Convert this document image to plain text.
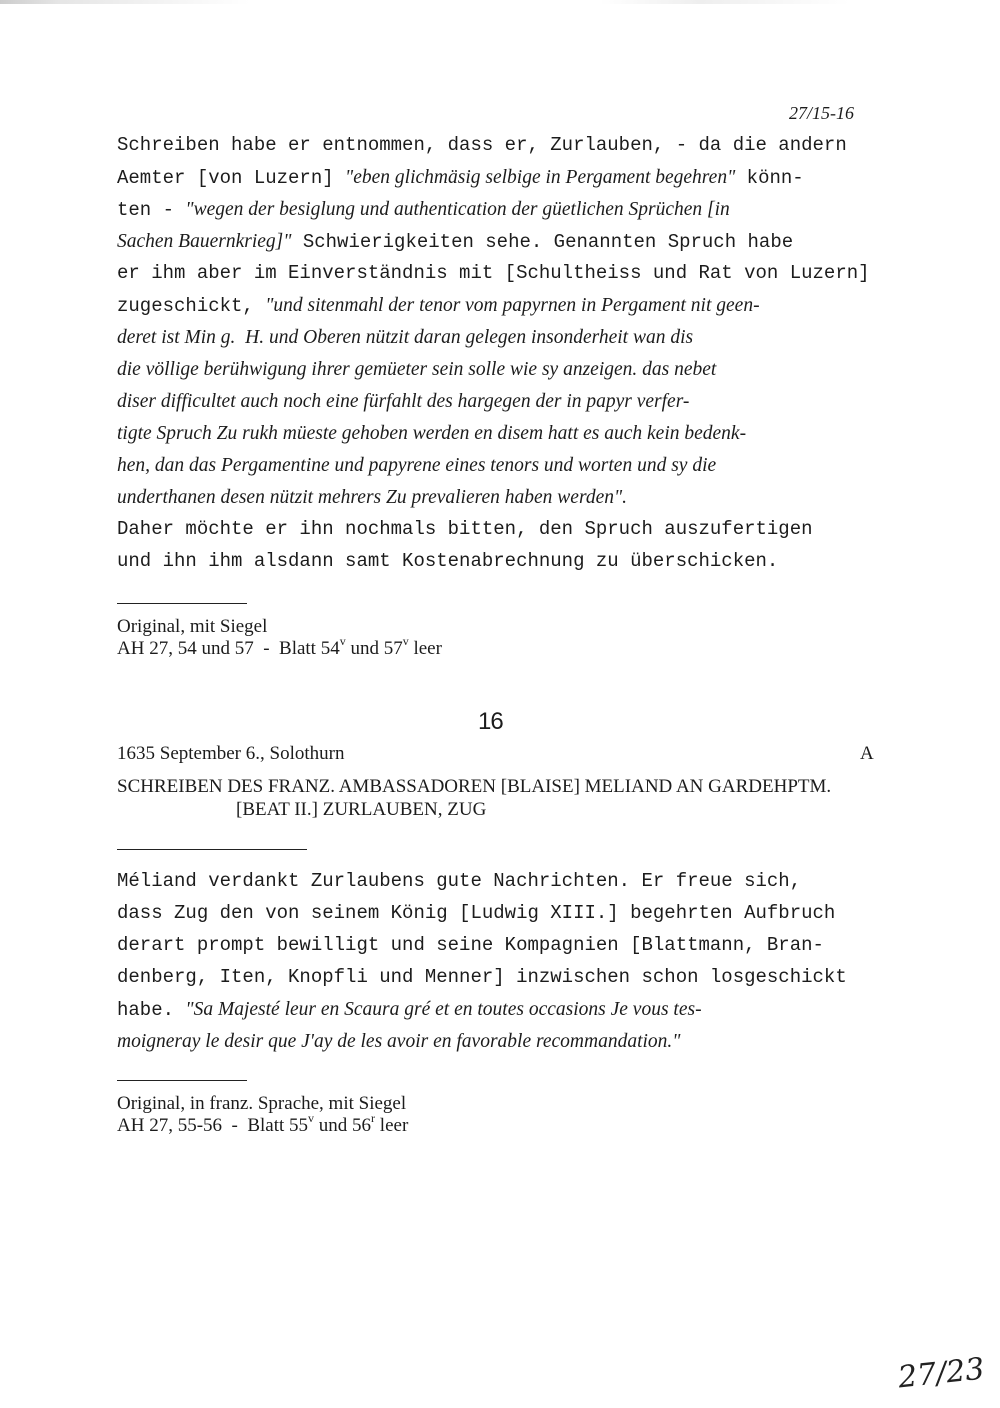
27/15-16
Schreiben habe er entnommen, dass er, Zurlauben, - da die andern
Aemter [von Luzern] "eben glichmäsig selbige in Pergament begehren" könn-
ten - "wegen der besiglung und authentication der güetlichen Sprüchen [in
Sachen Bauernkrieg]" Schwierigkeiten sehe. Genannten Spruch habe
er ihm aber im Einverständnis mit [Schultheiss und Rat von Luzern]
zugeschickt, "und sitenmahl der tenor vom papyrnen in Pergament nit geen-
deret ist Min g.  H. und Oberen nützit daran gelegen insonderheit wan dis
die völlige berühwigung ihrer gemüeter sein solle wie sy anzeigen. das nebet
diser difficultet auch noch eine fürfahlt des hargegen der in papyr verfer-
tigte Spruch Zu rukh müeste gehoben werden en disem hatt es auch kein bedenk-
hen, dan das Pergamentine und papyrene eines tenors und worten und sy die
underthanen desen nützit mehrers Zu prevalieren haben werden".
Daher möchte er ihn nochmals bitten, den Spruch auszufertigen
und ihn ihm alsdann samt Kostenabrechnung zu überschicken.
Original, mit Siegel
AH 27, 54 und 57  -  Blatt 54$^v$ und 57$^v$ leer
16
1635 September 6., Solothurn	A
SCHREIBEN DES FRANZ. AMBASSADOREN [BLAISE] MELIAND AN GARDEHPTM.
[BEAT II.] ZURLAUBEN, ZUG
Méliand verdankt Zurlaubens gute Nachrichten. Er freue sich,
dass Zug den von seinem König [Ludwig XIII.] begehrten Aufbruch
derart prompt bewilligt und seine Kompagnien [Blattmann, Bran-
denberg, Iten, Knopfli und Menner] inzwischen schon losgeschickt
habe. "Sa Majesté leur en Scaura gré et en toutes occasions Je vous tes-
moigneray le desir que J'ay de les avoir en favorable recommandation."
Original, in franz. Sprache, mit Siegel
AH 27, 55-56  -  Blatt 55$^v$ und 56$^r$ leer
27/23
